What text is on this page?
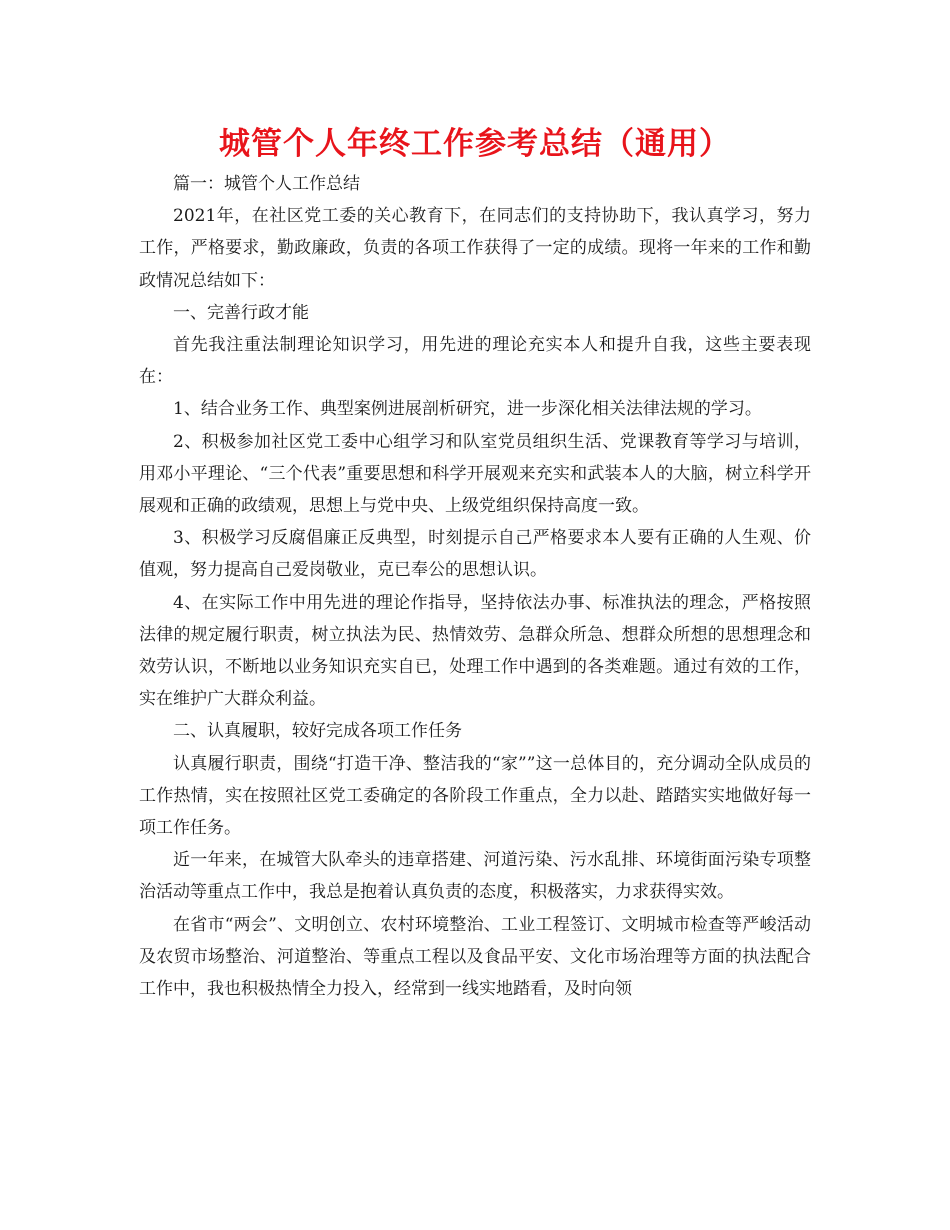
城管个人年终工作参考总结（通用）

篇一：城管个人工作总结

2021年，在社区党工委的关心教育下，在同志们的支持协助下，我认真学习，努力工作，严格要求，勤政廉政，负责的各项工作获得了一定的成绩。现将一年来的工作和勤政情况总结如下：

一、完善行政才能

首先我注重法制理论知识学习，用先进的理论充实本人和提升自我，这些主要表现在：

1、结合业务工作、典型案例进展剖析研究，进一步深化相关法律法规的学习。

2、积极参加社区党工委中心组学习和队室党员组织生活、党课教育等学习与培训，用邓小平理论、“三个代表”重要思想和科学开展观来充实和武装本人的大脑，树立科学开展观和正确的政绩观，思想上与党中央、上级党组织保持高度一致。

3、积极学习反腐倡廉正反典型，时刻提示自己严格要求本人要有正确的人生观、价值观，努力提高自己爱岗敬业，克已奉公的思想认识。

4、在实际工作中用先进的理论作指导，坚持依法办事、标准执法的理念，严格按照法律的规定履行职责，树立执法为民、热情效劳、急群众所急、想群众所想的思想理念和效劳认识，不断地以业务知识充实自已，处理工作中遇到的各类难题。通过有效的工作，实在维护广大群众利益。

二、认真履职，较好完成各项工作任务

认真履行职责，围绕“打造干净、整洁我的“家””这一总体目的，充分调动全队成员的工作热情，实在按照社区党工委确定的各阶段工作重点，全力以赴、踏踏实实地做好每一项工作任务。

近一年来，在城管大队牵头的违章搭建、河道污染、污水乱排、环境街面污染专项整治活动等重点工作中，我总是抱着认真负责的态度，积极落实，力求获得实效。

在省市“两会”、文明创立、农村环境整治、工业工程签订、文明城市检查等严峻活动及农贸市场整治、河道整治、等重点工程以及食品平安、文化市场治理等方面的执法配合工作中，我也积极热情全力投入，经常到一线实地踏看，及时向领
